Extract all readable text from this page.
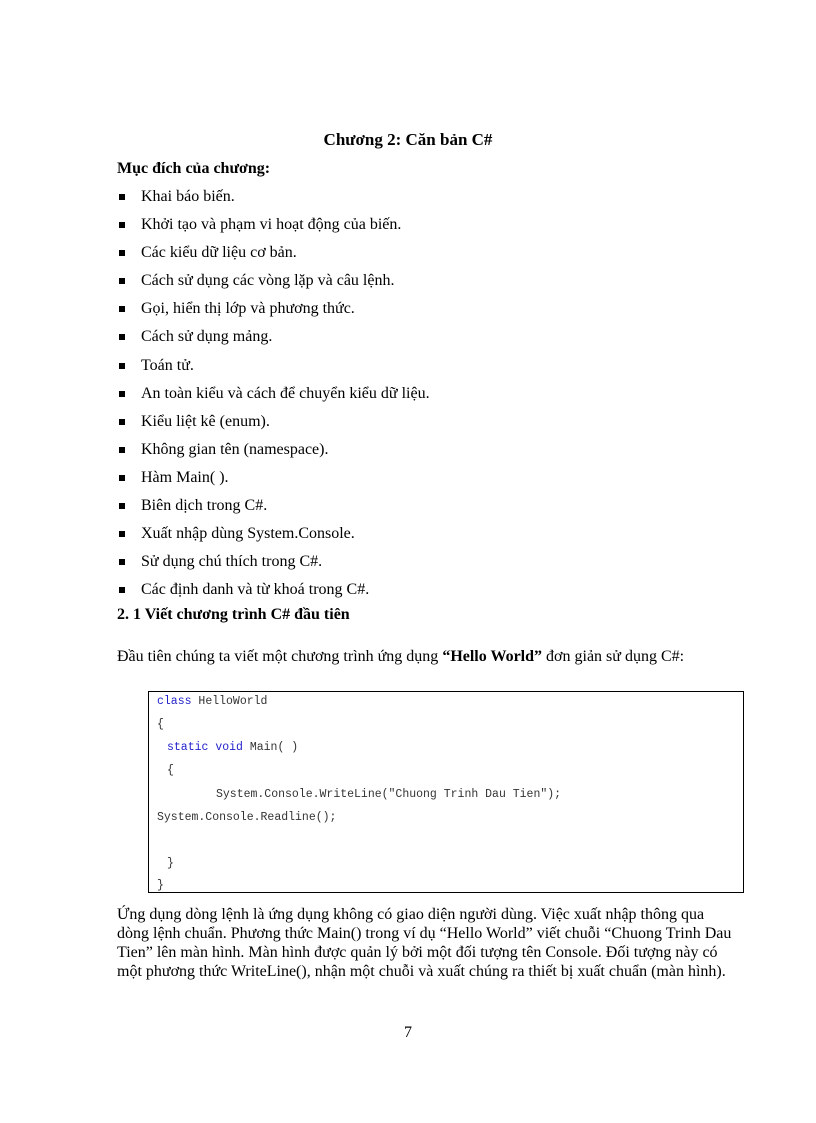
Chương 2: Căn bản C#
Mục đích của chương:
Khai báo biến.
Khởi tạo và phạm vi hoạt động của biến.
Các kiểu dữ liệu cơ bản.
Cách sử dụng các vòng lặp và câu lệnh.
Gọi, hiển thị lớp và phương thức.
Cách sử dụng mảng.
Toán tử.
An toàn kiểu và cách để chuyển kiểu dữ liệu.
Kiểu liệt kê (enum).
Không gian tên (namespace).
Hàm Main( ).
Biên dịch trong C#.
Xuất nhập dùng System.Console.
Sử dụng chú thích trong C#.
Các định danh và từ khoá trong C#.
2. 1 Viết chương trình C# đầu tiên
Đầu tiên chúng ta viết một chương trình ứng dụng “Hello World” đơn giản sử dụng C#:
class HelloWorld
{
static void Main( )
{
System.Console.WriteLine("Chuong Trinh Dau Tien");
System.Console.Readline();
}
}
Ứng dụng dòng lệnh là ứng dụng không có giao diện người dùng. Việc xuất nhập thông qua dòng lệnh chuẩn. Phương thức Main() trong ví dụ “Hello World” viết chuỗi “Chuong Trinh Dau Tien” lên màn hình. Màn hình được quản lý bởi một đối tượng tên Console. Đối tượng này có một phương thức WriteLine(), nhận một chuỗi và xuất chúng ra thiết bị xuất chuẩn (màn hình).
7
